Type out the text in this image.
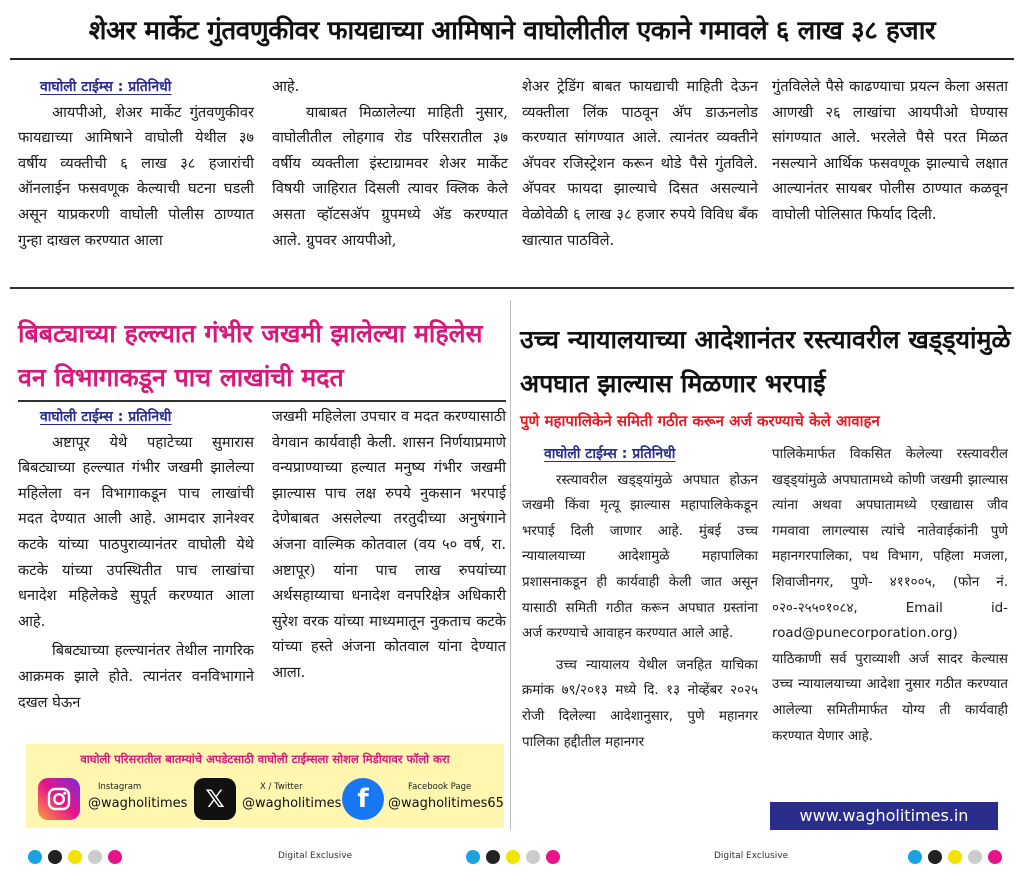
शेअर मार्केट गुंतवणुकीवर फायद्याच्या आमिषाने वाघोलीतील एकाने गमावले ६ लाख ३८ हजार
वाघोली टाईम्स : प्रतिनिधी

आयपीओ, शेअर मार्केट गुंतवणुकीवर फायद्याच्या आमिषाने वाघोली येथील ३७ वर्षीय व्यक्तीची ६ लाख ३८ हजारांची ऑनलाईन फसवणूक केल्याची घटना घडली असून याप्रकरणी वाघोली पोलीस ठाण्यात गुन्हा दाखल करण्यात आला

आहे.

याबाबत मिळालेल्या माहिती नुसार, वाघोलीतील लोहगाव रोड परिसरातील ३७ वर्षीय व्यक्तीला इंस्टाग्रामवर शेअर मार्केट विषयी जाहिरात दिसली त्यावर क्लिक केले असता व्हॉटसअ‍ॅप ग्रुपमध्ये अ‍ॅड करण्यात आले. ग्रुपवर आयपीओ,

शेअर ट्रेडिंग बाबत फायद्याची माहिती देऊन व्यक्तीला लिंक पाठवून अ‍ॅप डाऊनलोड करण्यात सांगण्यात आले. त्यानंतर व्यक्तीने अ‍ॅपवर रजिस्ट्रेशन करून थोडे पैसे गुंतविले. अ‍ॅपवर फायदा झाल्याचे दिसत असल्याने वेळोवेळी ६ लाख ३८ हजार रुपये विविध बँक खात्यात पाठविले.

गुंतविलेले पैसे काढण्याचा प्रयत्न केला असता आणखी २६ लाखांचा आयपीओ घेण्यास सांगण्यात आले. भरलेले पैसे परत मिळत नसल्याने आर्थिक फसवणूक झाल्याचे लक्षात आल्यानंतर सायबर पोलीस ठाण्यात कळवून वाघोली पोलिसात फिर्याद दिली.

बिबट्याच्या हल्ल्यात गंभीर जखमी झालेल्या महिलेस वन विभागाकडून पाच लाखांची मदत
वाघोली टाईम्स : प्रतिनिधी

अष्टापूर येथे पहाटेच्या सुमारास बिबट्याच्या हल्ल्यात गंभीर जखमी झालेल्या महिलेला वन विभागाकडून पाच लाखांची मदत देण्यात आली आहे. आमदार ज्ञानेश्वर कटके यांच्या पाठपुराव्यानंतर वाघोली येथे कटके यांच्या उपस्थितीत पाच लाखांचा धनादेश महिलेकडे सुपूर्त करण्यात आला आहे.

बिबट्याच्या हल्ल्यानंतर तेथील नागरिक आक्रमक झाले होते. त्यानंतर वनविभागाने दखल घेऊन

जखमी महिलेला उपचार व मदत करण्यासाठी वेगवान कार्यवाही केली. शासन निर्णयाप्रमाणे वन्यप्राण्याच्या हल्यात मनुष्य गंभीर जखमी झाल्यास पाच लक्ष रुपये नुकसान भरपाई देणेबाबत असलेल्या तरतुदीच्या अनुषंगाने अंजना वाल्मिक कोतवाल (वय ५० वर्ष, रा. अष्टापूर) यांना पाच लाख रुपयांच्या अर्थसहाय्याचा धनादेश वनपरिक्षेत्र अधिकारी सुरेश वरक यांच्या माध्यमातून नुकताच कटके यांच्या हस्ते अंजना कोतवाल यांना देण्यात आला.

उच्च न्यायालयाच्या आदेशानंतर रस्त्यावरील खड्ड्यांमुळे अपघात झाल्यास मिळणार भरपाई
पुणे महापालिकेने समिती गठीत करून अर्ज करण्याचे केले आवाहन
वाघोली टाईम्स : प्रतिनिधी

रस्त्यावरील खड्ड्यांमुळे अपघात होऊन जखमी किंवा मृत्यू झाल्यास महापालिकेकडून भरपाई दिली जाणार आहे. मुंबई उच्च न्यायालयाच्या आदेशामुळे महापालिका प्रशासनाकडून ही कार्यवाही केली जात असून यासाठी समिती गठीत करून अपघात ग्रस्तांना अर्ज करण्याचे आवाहन करण्यात आले आहे.

उच्च न्यायालय येथील जनहित याचिका क्रमांक ७९/२०१३ मध्ये दि. १३ नोव्हेंबर २०२५ रोजी दिलेल्या आदेशानुसार, पुणे महानगर पालिका हद्दीतील महानगर

पालिकेमार्फत विकसित केलेल्या रस्त्यावरील खड्ड्यांमुळे अपघातामध्ये कोणी जखमी झाल्यास त्यांना अथवा अपघातामध्ये एखाद्यास जीव गमवावा लागल्यास त्यांचे नातेवाईकांनी पुणे महानगरपालिका, पथ विभाग, पहिला मजला, शिवाजीनगर, पुणे- ४११००५, (फोन नं. ०२०-२५५०१०८४, Email id-road@punecorporation.org) याठिकाणी सर्व पुराव्याशी अर्ज सादर केल्यास उच्च न्यायालयाच्या आदेशा नुसार गठीत करण्यात आलेल्या समितीमार्फत योग्य ती कार्यवाही करण्यात येणार आहे.

वाघोली परिसरातील बातम्यांचे अपडेटसाठी वाघोली टाईम्सला सोशल मिडीयावर फॉलो करा
Instagram
@wagholitimes 𝕏	X / Twitter
@wagholitimes f	Facebook Page
@wagholitimes65
www.wagholitimes.in
Digital Exclusive	Digital Exclusive
